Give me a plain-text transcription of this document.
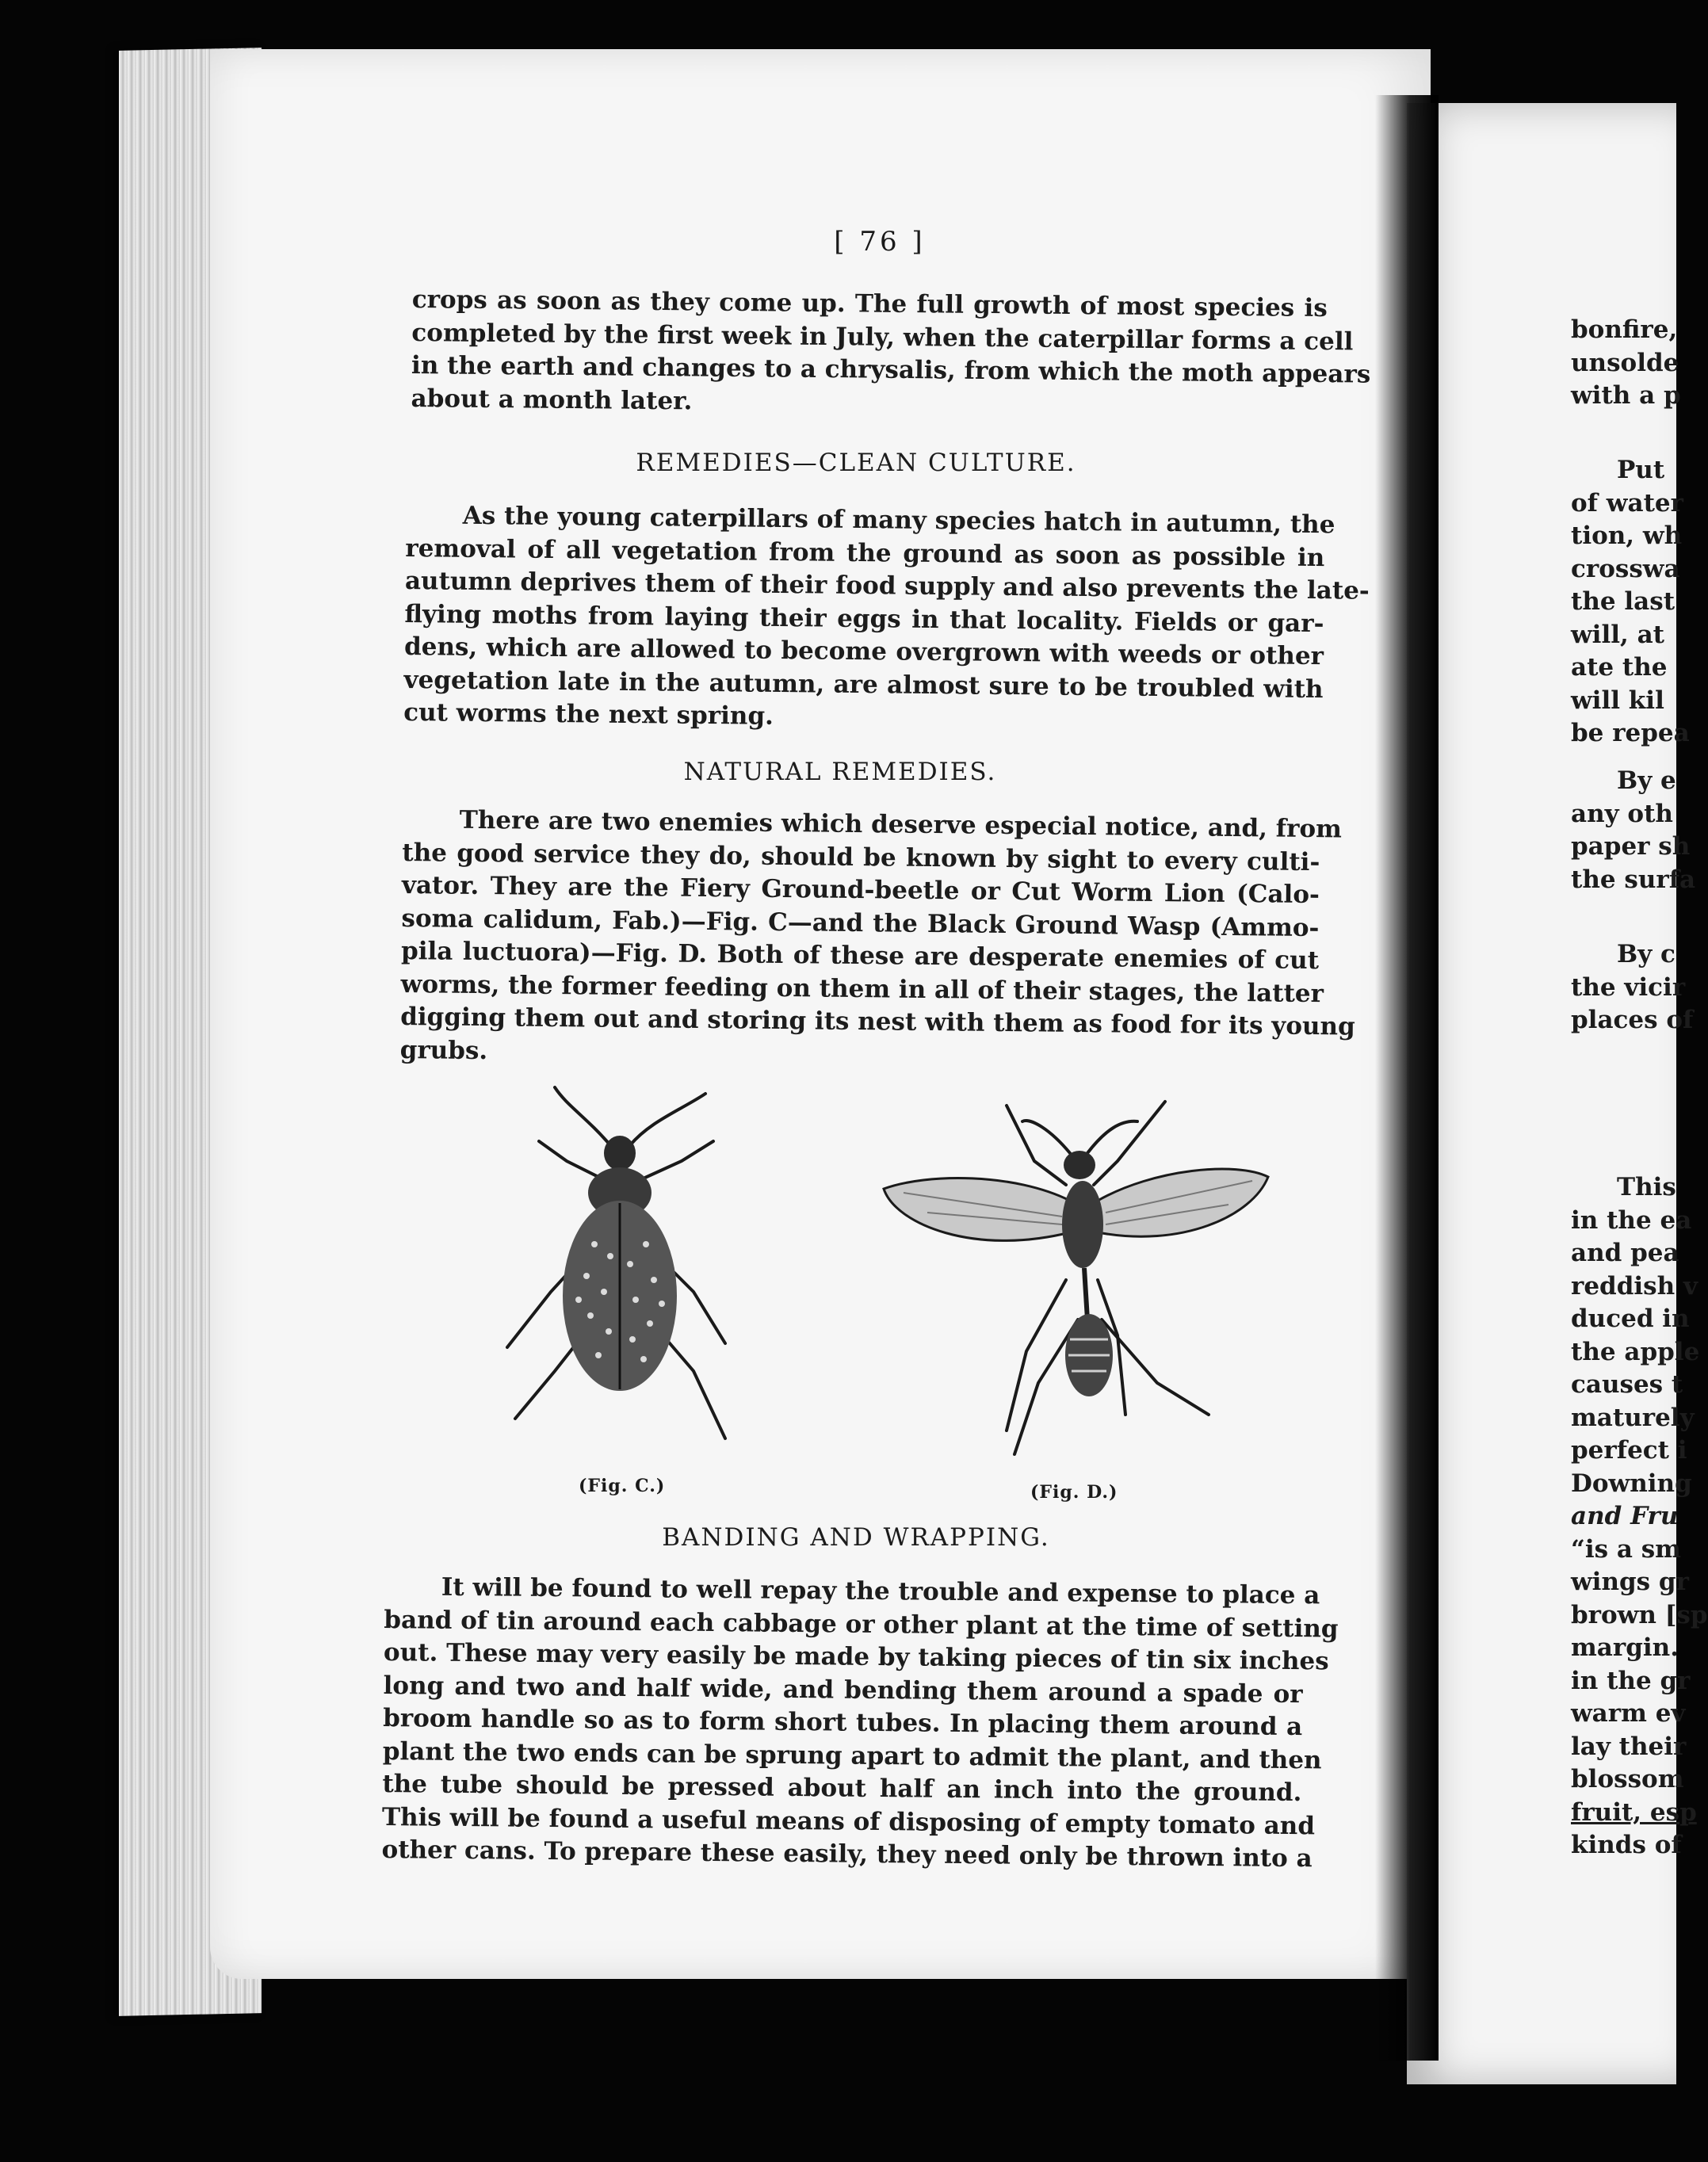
[ 76 ]
crops as soon as they come up. The full growth of most species is
completed by the first week in July, when the caterpillar forms a cell
in the earth and changes to a chrysalis, from which the moth appears
about a month later.
REMEDIES—CLEAN CULTURE.
As the young caterpillars of many species hatch in autumn, the
removal of all vegetation from the ground as soon as possible in
autumn deprives them of their food supply and also prevents the late-
flying moths from laying their eggs in that locality. Fields or gar-
dens, which are allowed to become overgrown with weeds or other
vegetation late in the autumn, are almost sure to be troubled with
cut worms the next spring.
NATURAL REMEDIES.
There are two enemies which deserve especial notice, and, from
the good service they do, should be known by sight to every culti-
vator. They are the Fiery Ground-beetle or Cut Worm Lion (Calo-
soma calidum, Fab.)—Fig. C—and the Black Ground Wasp (Ammo-
pila luctuora)—Fig. D. Both of these are desperate enemies of cut
worms, the former feeding on them in all of their stages, the latter
digging them out and storing its nest with them as food for its young
grubs.
(Fig. C.)	(Fig. D.)
BANDING AND WRAPPING.
It will be found to well repay the trouble and expense to place a
band of tin around each cabbage or other plant at the time of setting
out. These may very easily be made by taking pieces of tin six inches
long and two and half wide, and bending them around a spade or
broom handle so as to form short tubes. In placing them around a
plant the two ends can be sprung apart to admit the plant, and then
the tube should be pressed about half an inch into the ground.
This will be found a useful means of disposing of empty tomato and
other cans. To prepare these easily, they need only be thrown into a
bonfire,
unsolde
with a p
Put
of water
tion, wh
crosswa
the last
will, at
ate the
will kil
be repea
By e
any oth
paper sh
the surfa
By c
the vicir
places of
This
in the ea
and pea
reddish v
duced in
the apple
causes t
maturely
perfect i
Downing
and Fru
“is a sm
wings gr
brown [sp
margin.
in the gr
warm ev
lay their
blossom
fruit, esp
kinds of
